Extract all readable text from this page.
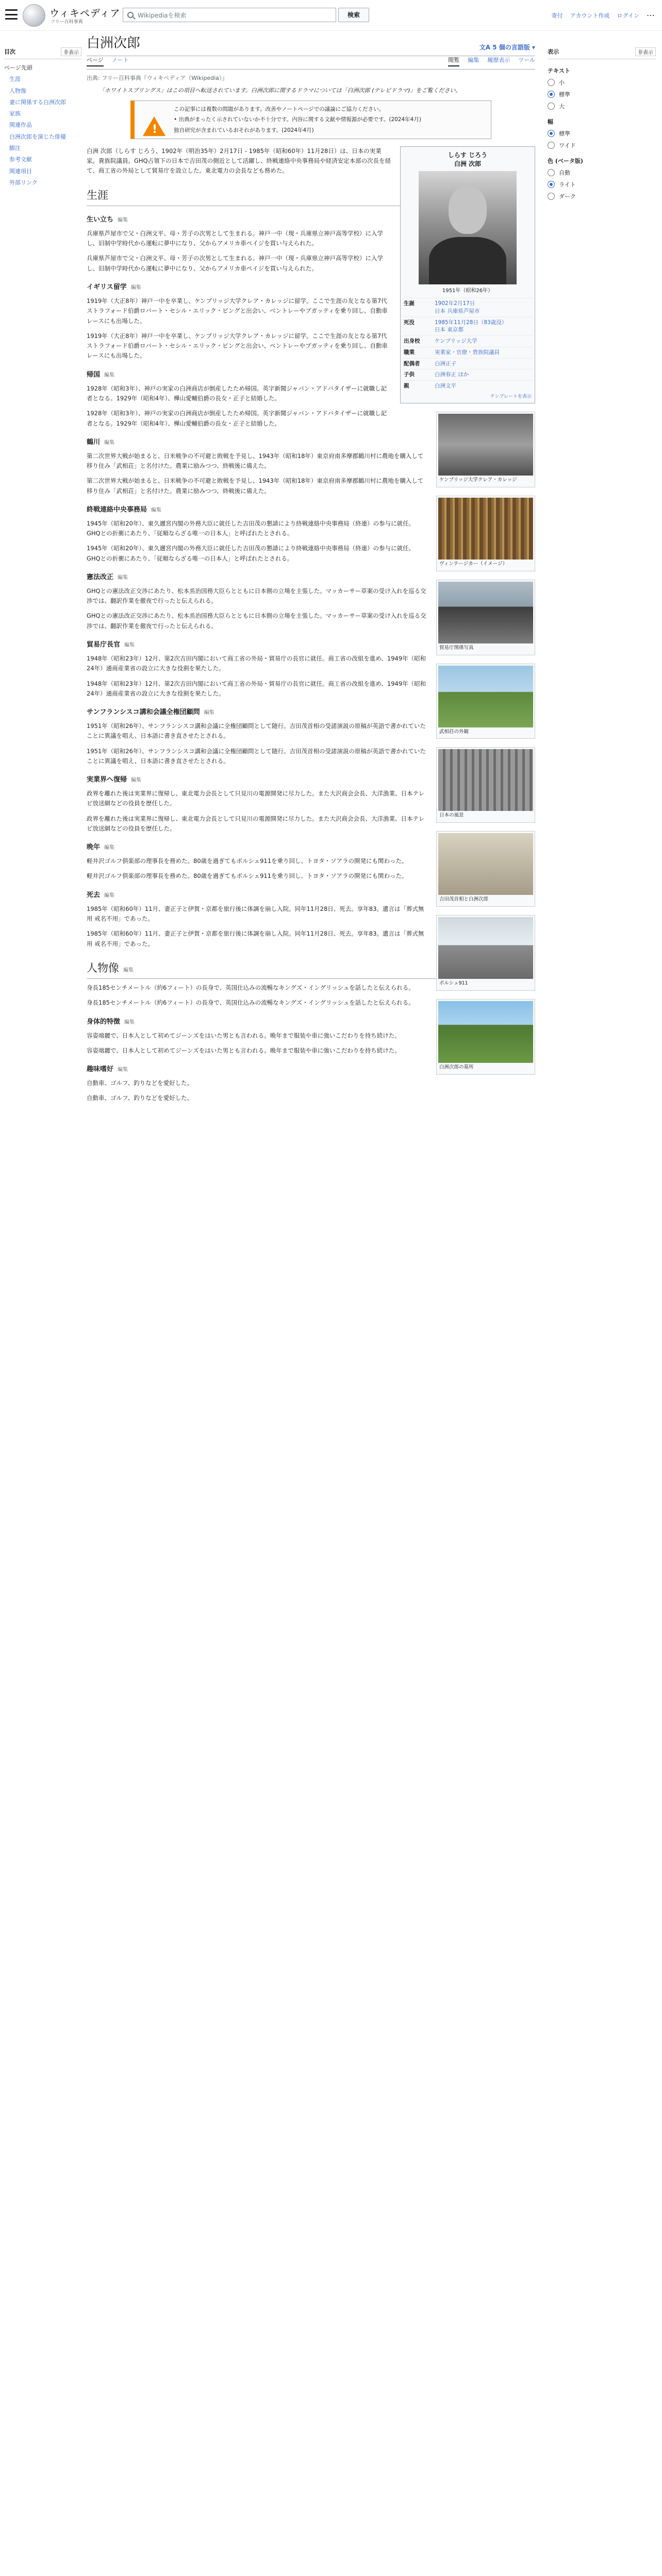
ウィキペディア
フリー百科事典
Wikipediaを検索	検索	寄付 アカウント作成 ログイン ⋯
目次	非表示
ページ先頭
生涯
人物像
妻に関係する白洲次郎
家族
関連作品
白洲次郎を演じた俳優
脚注
参考文献
関連項目
外部リンク
白洲次郎	文A 5 個の言語版 ▾
ページ ノート	閲覧 編集 履歴表示 ツール
出典: フリー百科事典『ウィキペディア（Wikipedia）』
「ホワイトスプリングス」はこの項目へ転送されています。白洲次郎に関するドラマについては「白洲次郎 (テレビドラマ)」をご覧ください。
!
この記事には複数の問題があります。改善やノートページでの議論にご協力ください。
• 出典がまったく示されていないか不十分です。内容に関する文献や情報源が必要です。(2024年4月)
独自研究が含まれているおそれがあります。(2024年4月)
しらす じろう
白洲 次郎
1951年（昭和26年）
生誕	1902年2月17日
日本 兵庫県芦屋市
死没	1985年11月28日（83歳没）
日本 東京都
出身校	ケンブリッジ大学
職業	実業家・官僚・貴族院議員
配偶者	白洲正子
子供	白洲春正 ほか
親	白洲文平
テンプレートを表示

白洲 次郎（しらす じろう、1902年（明治35年）2月17日 - 1985年（昭和60年）11月28日）は、日本の実業家。貴族院議員。GHQ占領下の日本で吉田茂の側近として活躍し、終戦連絡中央事務局や経済安定本部の次長を経て、商工省の外局として貿易庁を設立した。東北電力の会長なども務めた。

生涯
生い立ち 編集

兵庫県芦屋市で父・白洲文平、母・芳子の次男として生まれる。神戸一中（現・兵庫県立神戸高等学校）に入学し、旧制中学時代から運転に夢中になり、父からアメリカ車ペイジを買い与えられた。

兵庫県芦屋市で父・白洲文平、母・芳子の次男として生まれる。神戸一中（現・兵庫県立神戸高等学校）に入学し、旧制中学時代から運転に夢中になり、父からアメリカ車ペイジを買い与えられた。

イギリス留学 編集
ケンブリッジ大学クレア・カレッジ

1919年（大正8年）神戸一中を卒業し、ケンブリッジ大学クレア・カレッジに留学。ここで生涯の友となる第7代ストラフォード伯爵ロバート・セシル・エリック・ビングと出会い、ベントレーやブガッティを乗り回し、自動車レースにも出場した。

1919年（大正8年）神戸一中を卒業し、ケンブリッジ大学クレア・カレッジに留学。ここで生涯の友となる第7代ストラフォード伯爵ロバート・セシル・エリック・ビングと出会い、ベントレーやブガッティを乗り回し、自動車レースにも出場した。

帰国 編集
ヴィンテージカー（イメージ）

1928年（昭和3年）、神戸の実家の白洲商店が倒産したため帰国。英字新聞ジャパン・アドバタイザーに就職し記者となる。1929年（昭和4年）、樺山愛輔伯爵の長女・正子と結婚した。

1928年（昭和3年）、神戸の実家の白洲商店が倒産したため帰国。英字新聞ジャパン・アドバタイザーに就職し記者となる。1929年（昭和4年）、樺山愛輔伯爵の長女・正子と結婚した。

鶴川 編集
貿易庁関係写真

第二次世界大戦が始まると、日米戦争の不可避と敗戦を予見し、1943年（昭和18年）東京府南多摩郡鶴川村に農地を購入して移り住み「武相荘」と名付けた。農業に励みつつ、終戦後に備えた。

第二次世界大戦が始まると、日米戦争の不可避と敗戦を予見し、1943年（昭和18年）東京府南多摩郡鶴川村に農地を購入して移り住み「武相荘」と名付けた。農業に励みつつ、終戦後に備えた。

終戦連絡中央事務局 編集
武相荘の外観

1945年（昭和20年）、東久邇宮内閣の外務大臣に就任した吉田茂の懇請により終戦連絡中央事務局（終連）の参与に就任。GHQとの折衝にあたり、「従順ならざる唯一の日本人」と呼ばれたとされる。

1945年（昭和20年）、東久邇宮内閣の外務大臣に就任した吉田茂の懇請により終戦連絡中央事務局（終連）の参与に就任。GHQとの折衝にあたり、「従順ならざる唯一の日本人」と呼ばれたとされる。

憲法改正 編集
日本の風景

GHQとの憲法改正交渉にあたり、松本烝治国務大臣らとともに日本側の立場を主張した。マッカーサー草案の受け入れを巡る交渉では、翻訳作業を徹夜で行ったと伝えられる。

GHQとの憲法改正交渉にあたり、松本烝治国務大臣らとともに日本側の立場を主張した。マッカーサー草案の受け入れを巡る交渉では、翻訳作業を徹夜で行ったと伝えられる。

貿易庁長官 編集
吉田茂首相と白洲次郎

1948年（昭和23年）12月、第2次吉田内閣において商工省の外局・貿易庁の長官に就任。商工省の改組を進め、1949年（昭和24年）通商産業省の設立に大きな役割を果たした。

1948年（昭和23年）12月、第2次吉田内閣において商工省の外局・貿易庁の長官に就任。商工省の改組を進め、1949年（昭和24年）通商産業省の設立に大きな役割を果たした。

サンフランシスコ講和会議全権団顧問 編集
ポルシェ911

1951年（昭和26年）、サンフランシスコ講和会議に全権団顧問として随行。吉田茂首相の受諾演説の原稿が英語で書かれていたことに異議を唱え、日本語に書き直させたとされる。

1951年（昭和26年）、サンフランシスコ講和会議に全権団顧問として随行。吉田茂首相の受諾演説の原稿が英語で書かれていたことに異議を唱え、日本語に書き直させたとされる。

実業界へ復帰 編集
白洲次郎の墓所

政界を離れた後は実業界に復帰し、東北電力会長として只見川の電源開発に尽力した。また大沢商会会長、大洋漁業、日本テレビ放送網などの役員を歴任した。

政界を離れた後は実業界に復帰し、東北電力会長として只見川の電源開発に尽力した。また大沢商会会長、大洋漁業、日本テレビ放送網などの役員を歴任した。

晩年 編集

軽井沢ゴルフ倶楽部の理事長を務めた。80歳を過ぎてもポルシェ911を乗り回し、トヨタ・ソアラの開発にも関わった。

軽井沢ゴルフ倶楽部の理事長を務めた。80歳を過ぎてもポルシェ911を乗り回し、トヨタ・ソアラの開発にも関わった。

死去 編集

1985年（昭和60年）11月、妻正子と伊賀・京都を旅行後に体調を崩し入院。同年11月28日、死去。享年83。遺言は「葬式無用 戒名不用」であった。

1985年（昭和60年）11月、妻正子と伊賀・京都を旅行後に体調を崩し入院。同年11月28日、死去。享年83。遺言は「葬式無用 戒名不用」であった。

人物像 編集

身長185センチメートル（約6フィート）の長身で、英国仕込みの流暢なキングズ・イングリッシュを話したと伝えられる。

身長185センチメートル（約6フィート）の長身で、英国仕込みの流暢なキングズ・イングリッシュを話したと伝えられる。

身体的特徴 編集

容姿端麗で、日本人として初めてジーンズをはいた男とも言われる。晩年まで服装や車に強いこだわりを持ち続けた。

容姿端麗で、日本人として初めてジーンズをはいた男とも言われる。晩年まで服装や車に強いこだわりを持ち続けた。

趣味嗜好 編集

自動車、ゴルフ、釣りなどを愛好した。

自動車、ゴルフ、釣りなどを愛好した。

表示	非表示
テキスト
小
標準
大
幅
標準
ワイド
色 (ベータ版)
自動
ライト
ダーク
